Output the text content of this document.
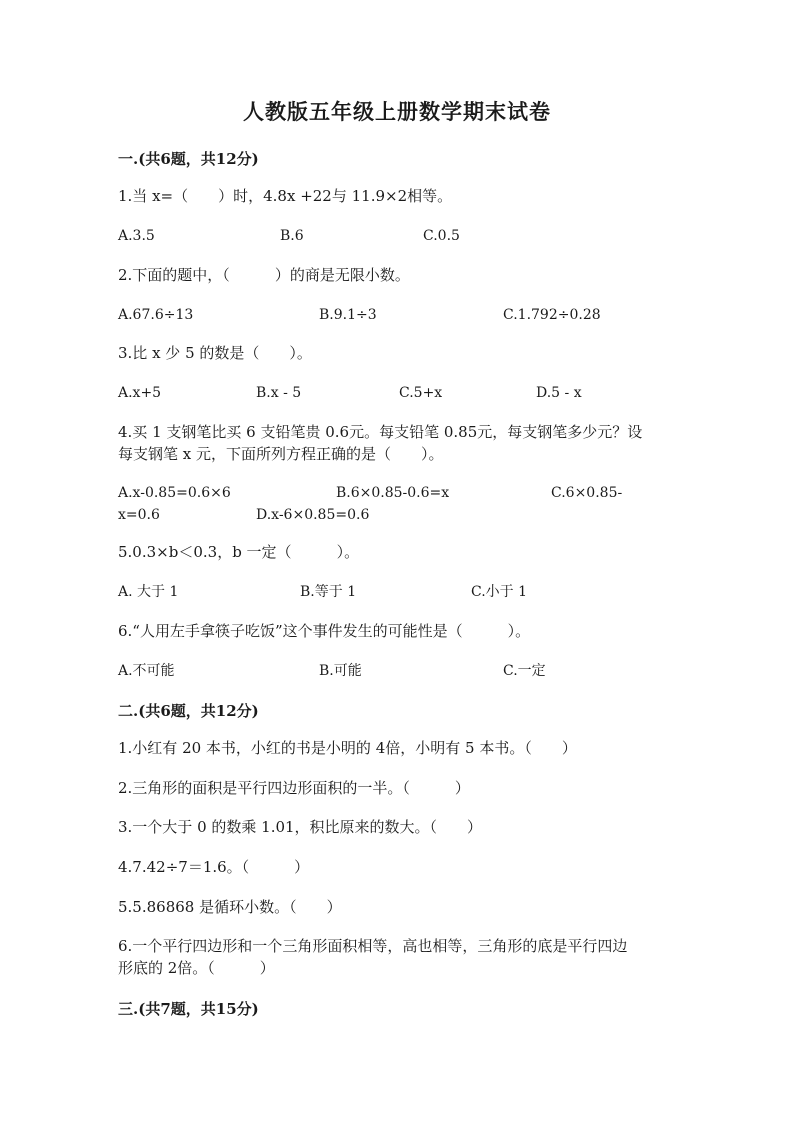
人教版五年级上册数学期末试卷
一.(共6题，共12分)
1.当 x=（　　）时，4.8x +22与 11.9×2相等。
A.3.5	B.6	C.0.5
2.下面的题中，（　　　）的商是无限小数。
A.67.6÷13	B.9.1÷3	C.1.792÷0.28
3.比 x 少 5 的数是（　　）。
A.x+5	B.x - 5	C.5+x	D.5 - x
4.买 1 支钢笔比买 6 支铅笔贵 0.6元。每支铅笔 0.85元，每支钢笔多少元？设
每支钢笔 x 元，下面所列方程正确的是（　　）。
A.x-0.85=0.6×6	B.6×0.85-0.6=x	C.6×0.85-
x=0.6	D.x-6×0.85=0.6
5.0.3×b＜0.3，b 一定（　　　）。
A. 大于 1	B.等于 1	C.小于 1
6.“人用左手拿筷子吃饭”这个事件发生的可能性是（　　　）。
A.不可能	B.可能	C.一定
二.(共6题，共12分)
1.小红有 20 本书，小红的书是小明的 4倍，小明有 5 本书。（　　）
2.三角形的面积是平行四边形面积的一半。（　　　）
3.一个大于 0 的数乘 1.01，积比原来的数大。（　　）
4.7.42÷7＝1.6。（　　　）
5.5.86868 是循环小数。（　　）
6.一个平行四边形和一个三角形面积相等，高也相等，三角形的底是平行四边
形底的 2倍。（　　　）
三.(共7题，共15分)
